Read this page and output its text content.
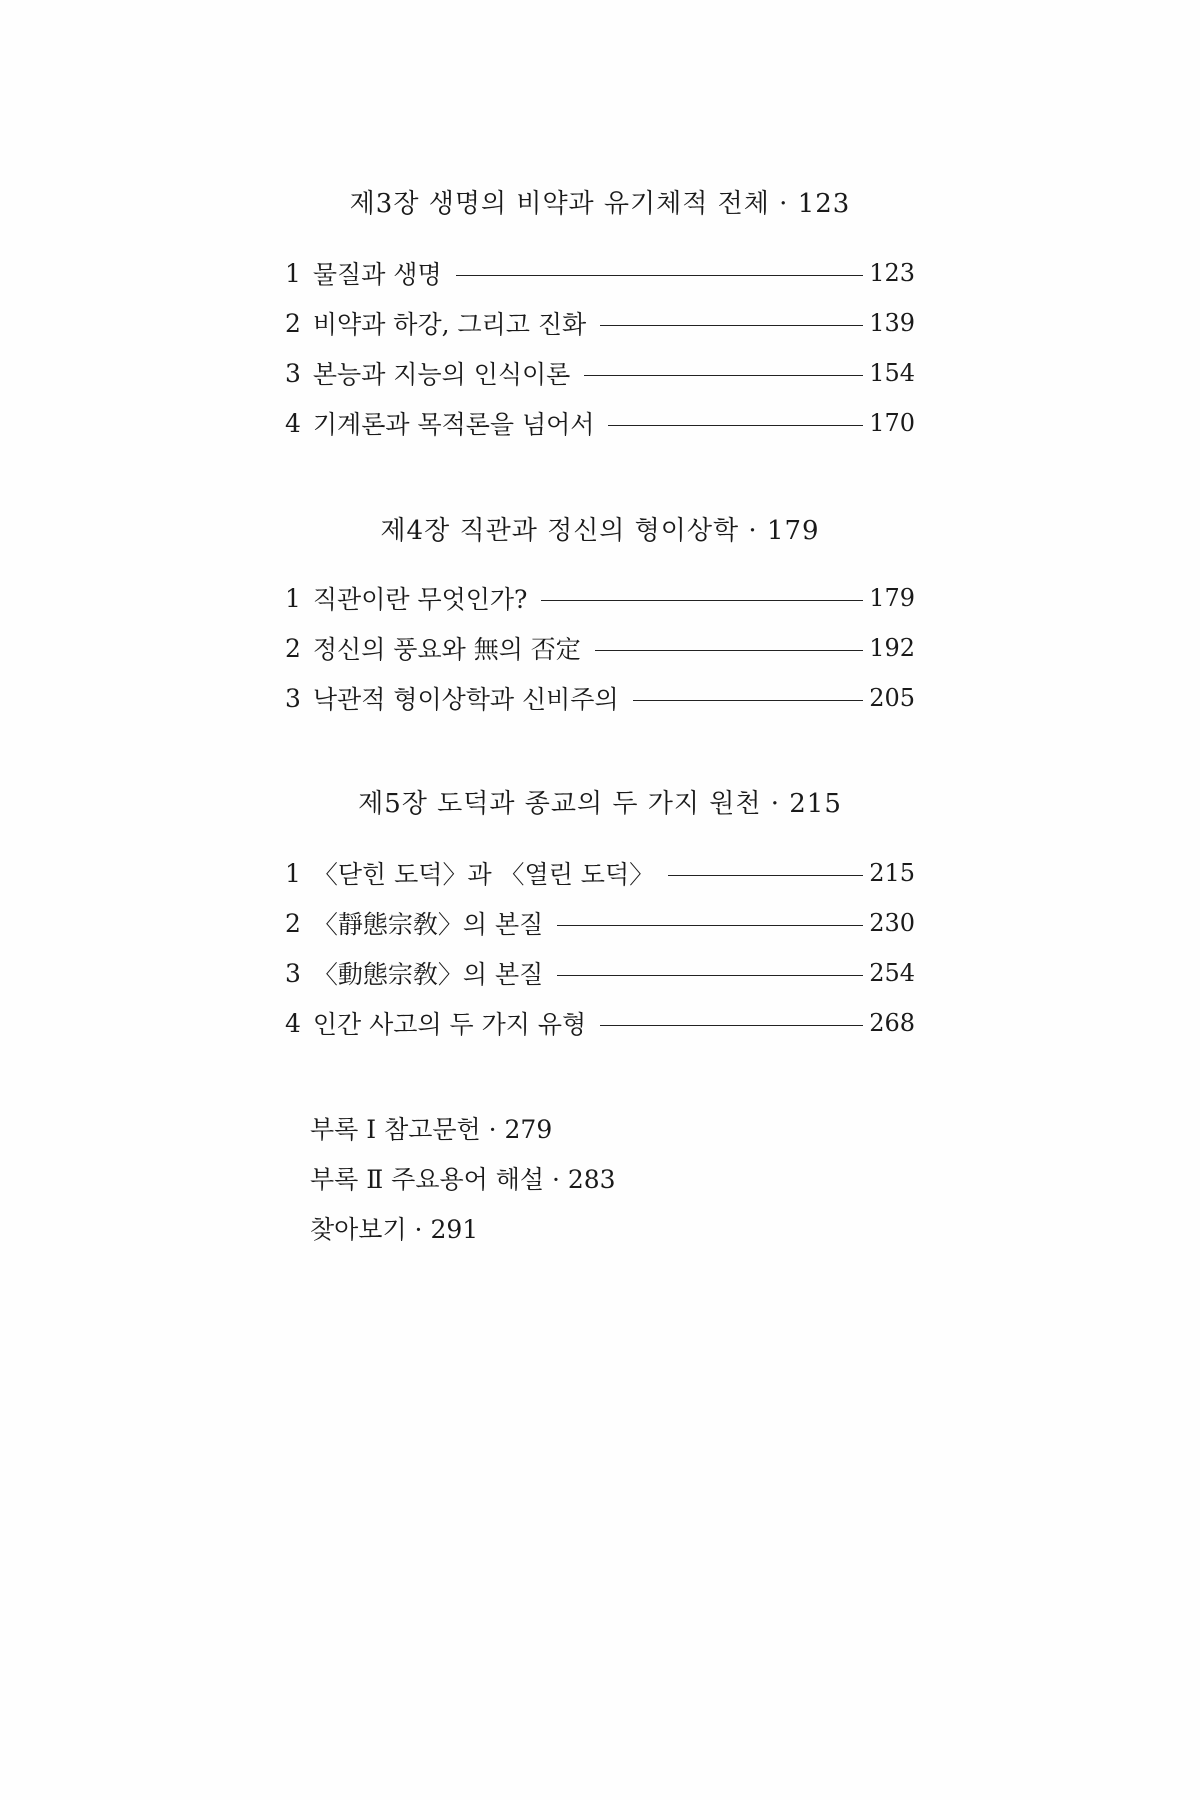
제3장 생명의 비약과 유기체적 전체 · 123
1 물질과 생명	123
2 비약과 하강, 그리고 진화	139
3 본능과 지능의 인식이론	154
4 기계론과 목적론을 넘어서	170
제4장 직관과 정신의 형이상학 · 179
1 직관이란 무엇인가?	179
2 정신의 풍요와 無의 否定	192
3 낙관적 형이상학과 신비주의	205
제5장 도덕과 종교의 두 가지 원천 · 215
1 〈닫힌 도덕〉과 〈열린 도덕〉	215
2 〈靜態宗敎〉의 본질	230
3 〈動態宗敎〉의 본질	254
4 인간 사고의 두 가지 유형	268
부록 Ⅰ 참고문헌 · 279
부록 Ⅱ 주요용어 해설 · 283
찾아보기 · 291
